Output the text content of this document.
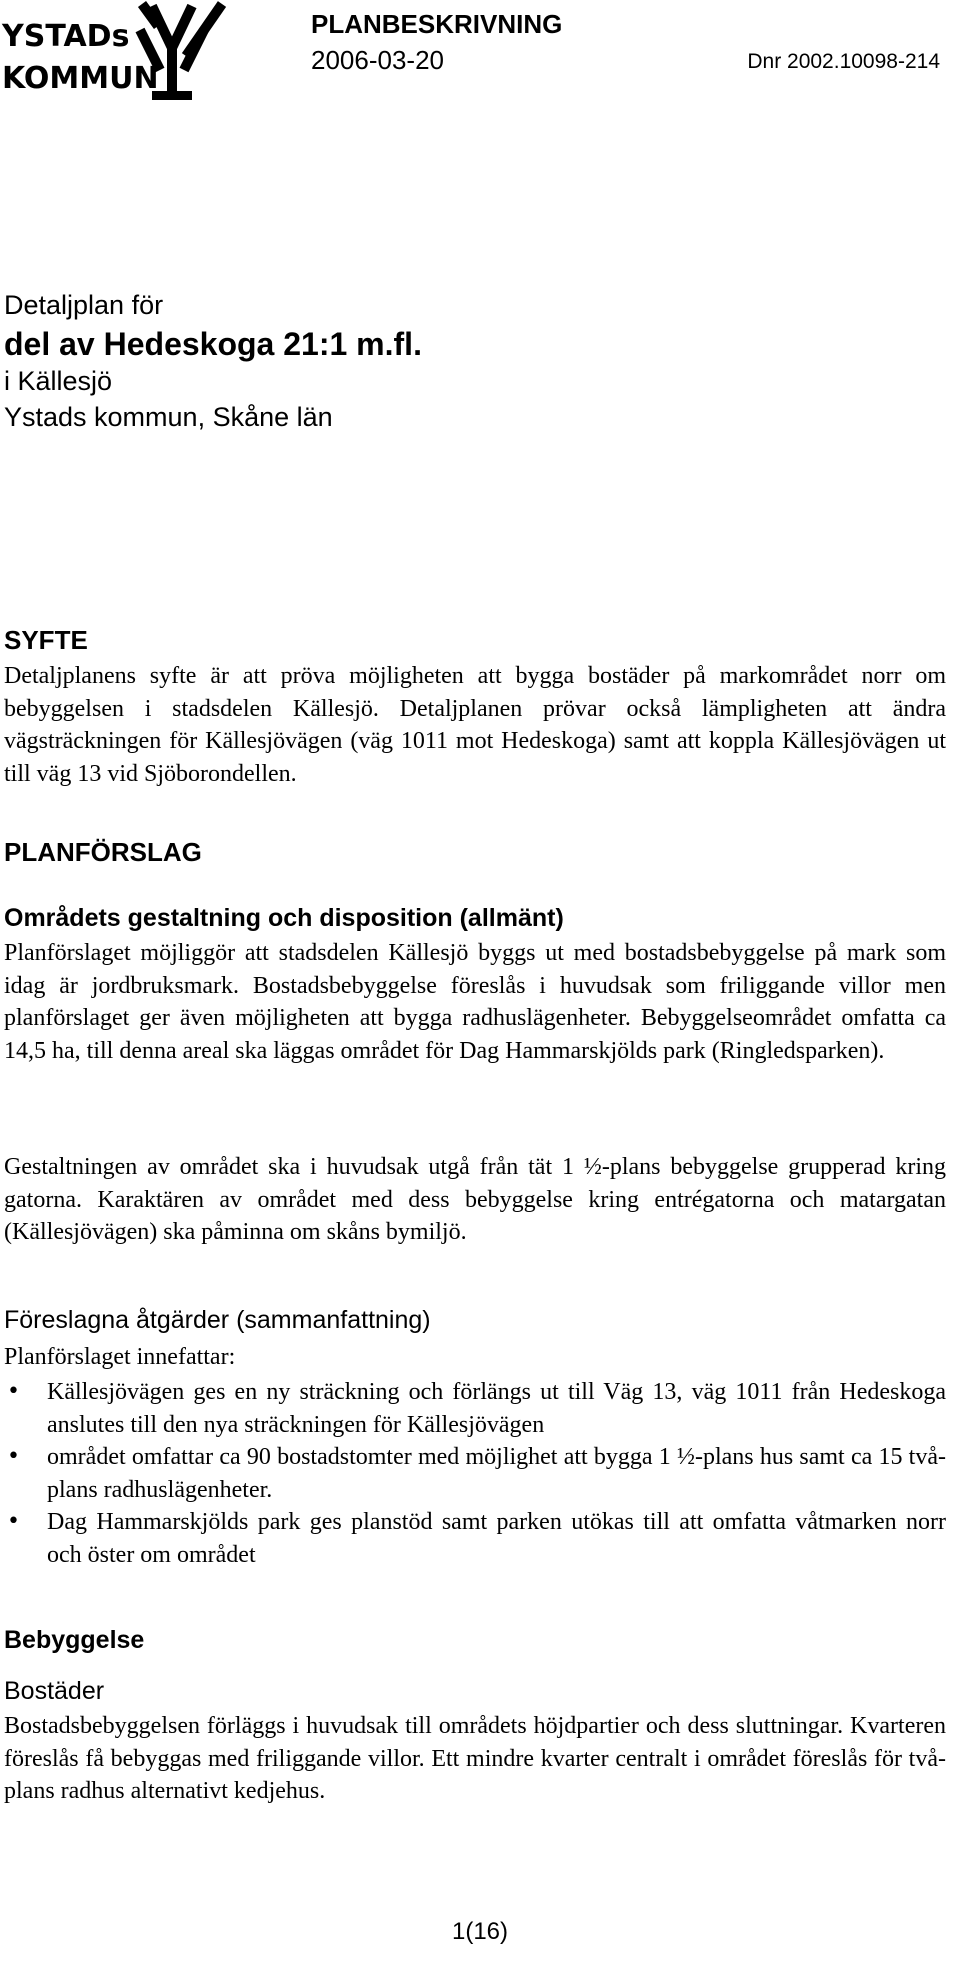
YSTADs
KOMMUN
PLANBESKRIVNING
2006-03-20	Dnr 2002.10098-214
Detaljplan för
del av Hedeskoga 21:1 m.fl.
i Källesjö
Ystads kommun, Skåne län
SYFTE
Detaljplanens syfte är att pröva möjligheten att bygga bostäder på markområdet norr om bebyggelsen i stadsdelen Källesjö. Detaljplanen prövar också lämpligheten att ändra vägsträckningen för Källesjövägen (väg 1011 mot Hedeskoga) samt att koppla Källesjövägen ut till väg 13 vid Sjöborondellen.
PLANFÖRSLAG
Områdets gestaltning och disposition (allmänt)
Planförslaget möjliggör att stadsdelen Källesjö byggs ut med bostadsbebyggelse på mark som idag är jordbruksmark. Bostadsbebyggelse föreslås i huvudsak som friliggande villor men planförslaget ger även möjligheten att bygga radhuslägenheter. Bebyggelseområdet omfatta ca 14,5 ha, till denna areal ska läggas området för Dag Hammarskjölds park (Ringledsparken).
Gestaltningen av området ska i huvudsak utgå från tät 1 ½-plans bebyggelse grupperad kring gatorna. Karaktären av området med dess bebyggelse kring entrégatorna och matargatan (Källesjövägen) ska påminna om skåns bymiljö.
Föreslagna åtgärder (sammanfattning)
Planförslaget innefattar:
• Källesjövägen ges en ny sträckning och förlängs ut till Väg 13, väg 1011 från Hedeskoga anslutes till den nya sträckningen för Källesjövägen
• området omfattar ca 90 bostadstomter med möjlighet att bygga 1 ½-plans hus samt ca 15 två-plans radhuslägenheter.
• Dag Hammarskjölds park ges planstöd samt parken utökas till att omfatta våtmarken norr och öster om området
Bebyggelse
Bostäder
Bostadsbebyggelsen förläggs i huvudsak till områdets höjdpartier och dess sluttningar. Kvarteren föreslås få bebyggas med friliggande villor. Ett mindre kvarter centralt i området föreslås för två-plans radhus alternativt kedjehus.
1(16)
